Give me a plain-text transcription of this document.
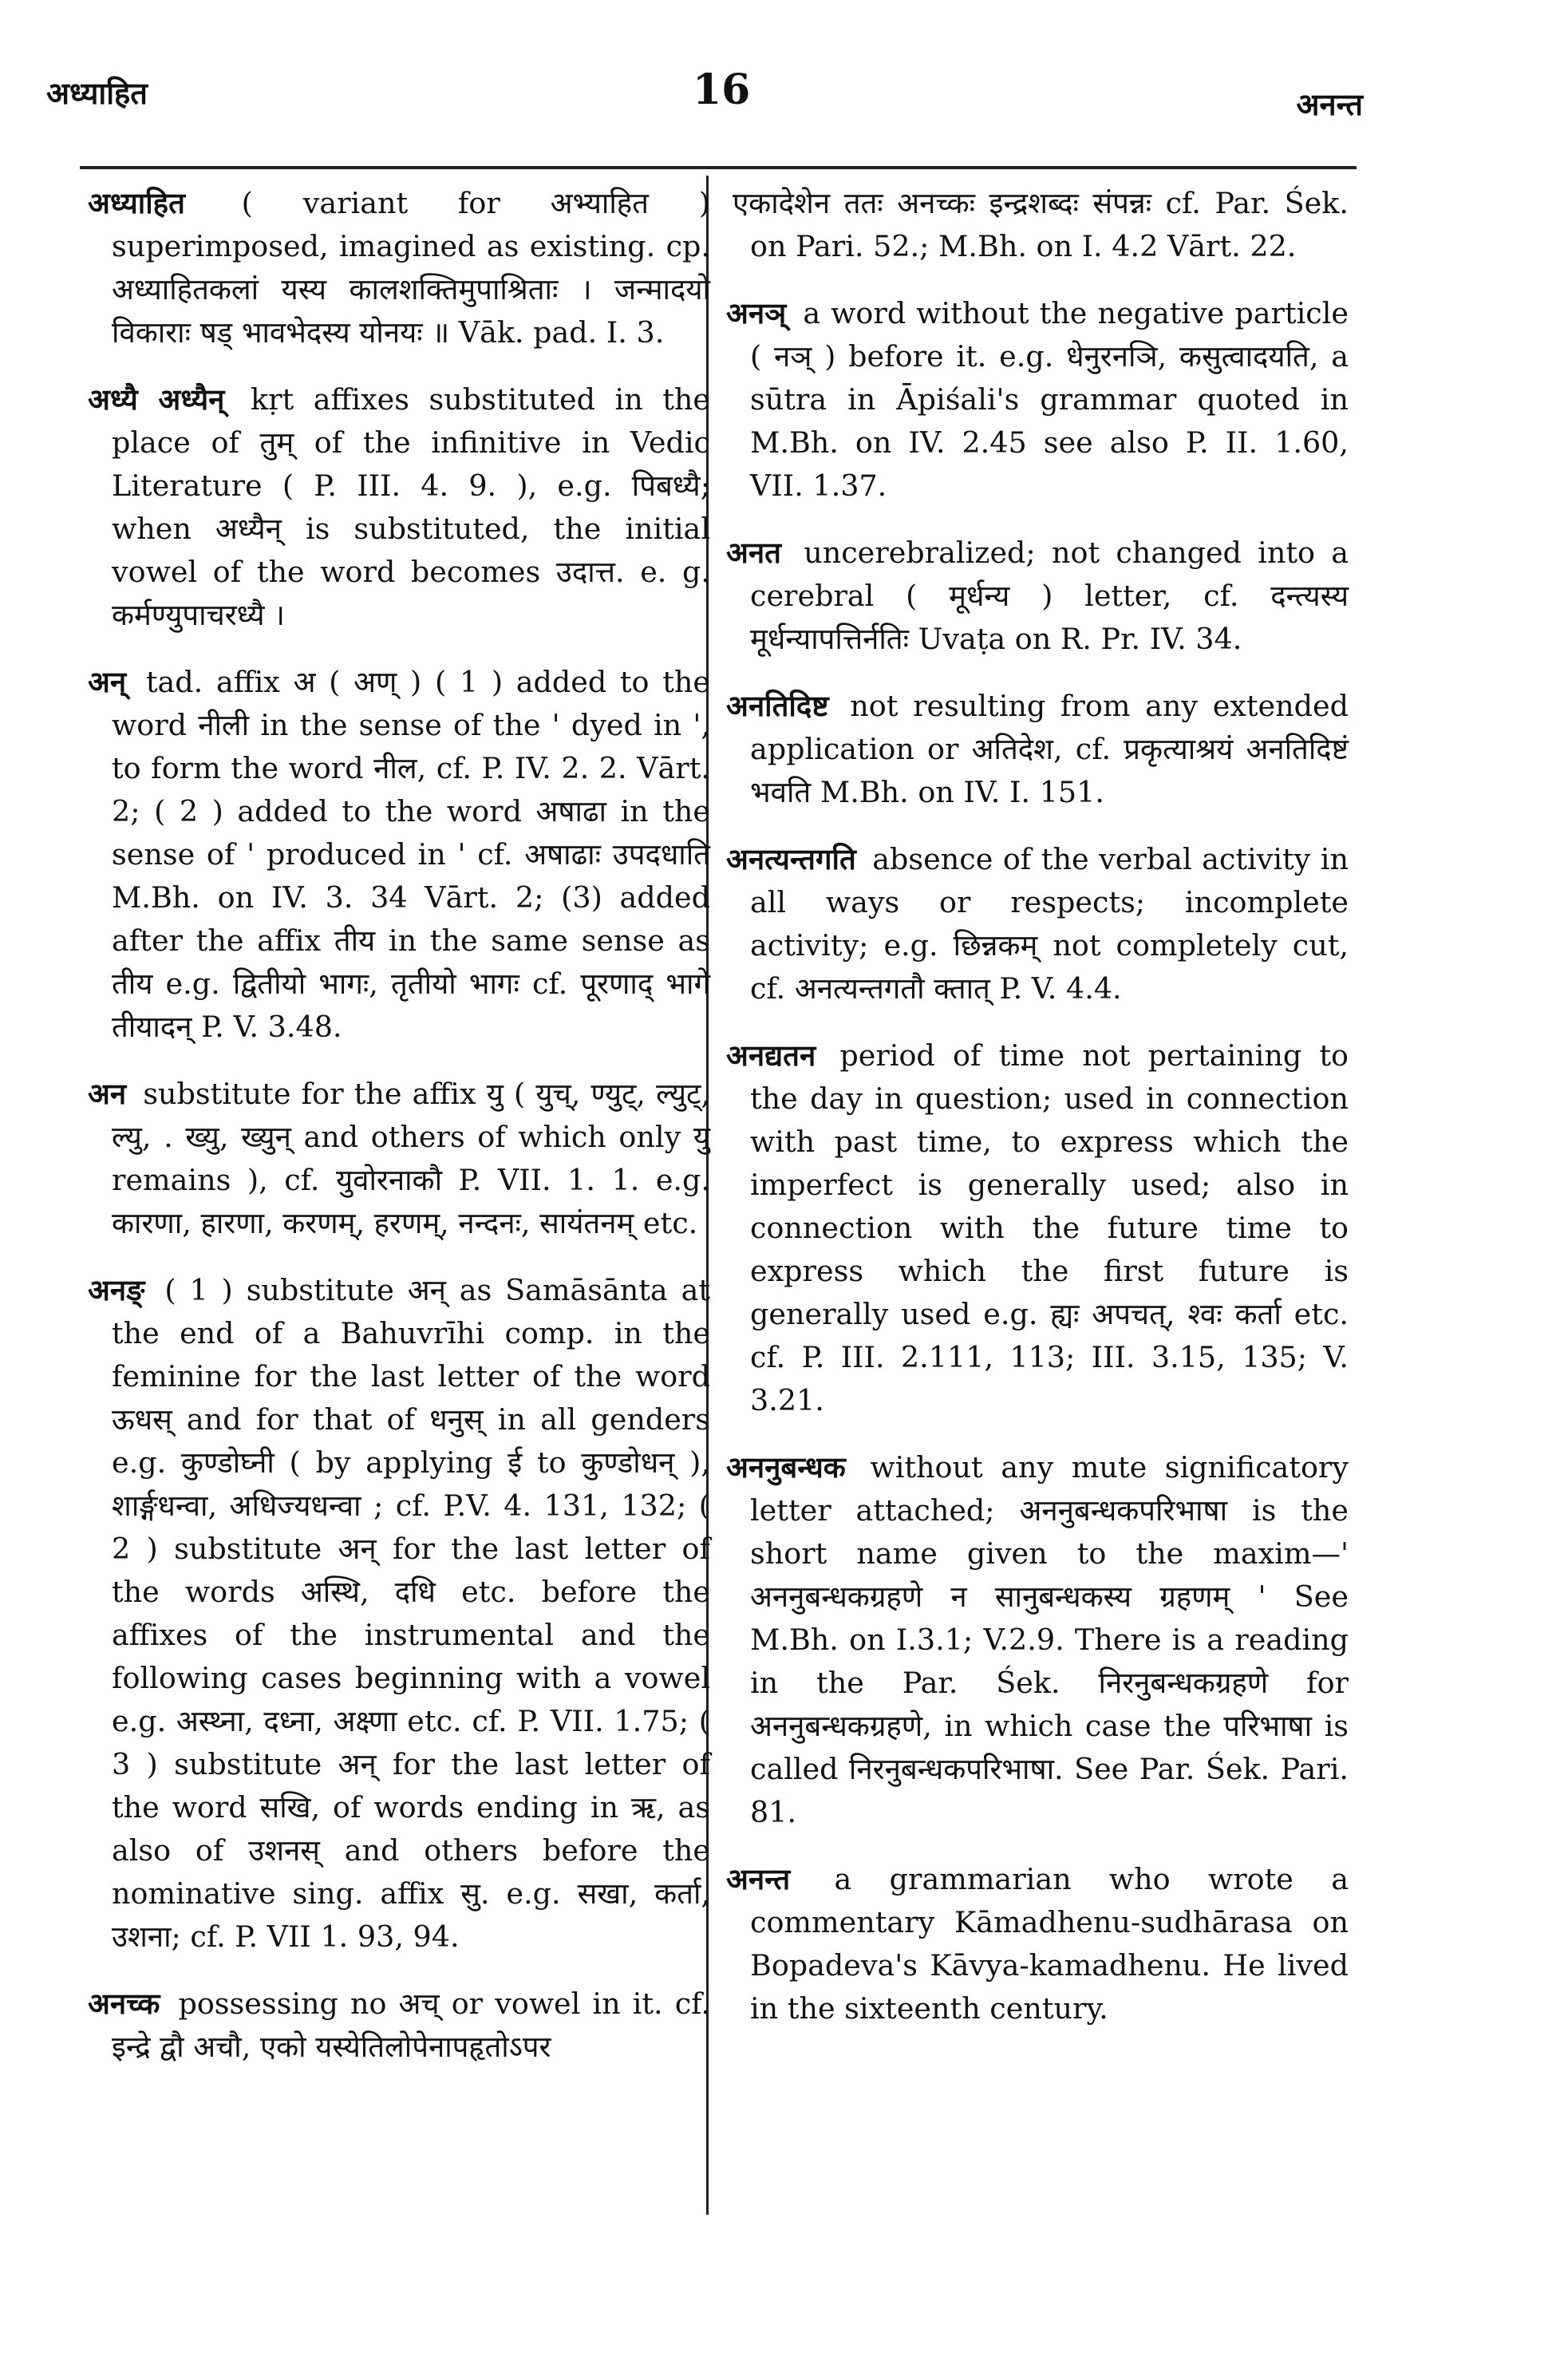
अध्याहित	16	अनन्त

अध्याहित ( variant for अभ्याहित ) superimposed, imagined as existing. cp. अध्याहितकलां यस्य कालशक्तिमुपाश्रिताः । जन्मादयो विकाराः षड् भावभेदस्य योनयः ॥ Vāk. pad. I. 3.

अध्यै अध्यैन् kṛt affixes substituted in the place of तुम् of the infinitive in Vedic Literature ( P. III. 4. 9. ), e.g. पिबध्यै; when अध्यैन् is substituted, the initial vowel of the word becomes उदात्त. e. g. कर्मण्युपाचरध्यै ।

अन् tad. affix अ ( अण् ) ( 1 ) added to the word नीली in the sense of the ' dyed in ', to form the word नील, cf. P. IV. 2. 2. Vārt. 2; ( 2 ) added to the word अषाढा in the sense of ' produced in ' cf. अषाढाः उपदधाति M.Bh. on IV. 3. 34 Vārt. 2; (3) added after the affix तीय in the same sense as तीय e.g. द्वितीयो भागः, तृतीयो भागः cf. पूरणाद् भागे तीयादन् P. V. 3.48.

अन substitute for the affix यु ( युच्, ण्युट्, ल्युट्, ल्यु, . ख्यु, ख्युन् and others of which only यु remains ), cf. युवोरनाकौ P. VII. 1. 1. e.g. कारणा, हारणा, करणम्, हरणम्, नन्दनः, सायंतनम् etc.

अनङ् ( 1 ) substitute अन् as Samāsānta at the end of a Bahuvrīhi comp. in the feminine for the last letter of the word ऊधस् and for that of धनुस् in all genders e.g. कुण्डोघ्नी ( by applying ई to कुण्डोधन् ), शार्ङ्गधन्वा, अधिज्यधन्वा ; cf. P.V. 4. 131, 132; ( 2 ) substitute अन् for the last letter of the words अस्थि, दधि etc. before the affixes of the instrumental and the following cases beginning with a vowel e.g. अस्थ्ना, दध्ना, अक्ष्णा etc. cf. P. VII. 1.75; ( 3 ) substitute अन् for the last letter of the word सखि, of words ending in ऋ, as also of उशनस् and others before the nominative sing. affix सु. e.g. सखा, कर्ता, उशना; cf. P. VII 1. 93, 94.

अनच्क possessing no अच् or vowel in it. cf. इन्द्रे द्वौ अचौ, एको यस्येतिलोपेनापहृतोऽपर

एकादेशेन ततः अनच्कः इन्द्रशब्दः संपन्नः cf. Par. Śek. on Pari. 52.; M.Bh. on I. 4.2 Vārt. 22.

अनञ् a word without the negative particle ( नञ् ) before it. e.g. धेनुरनञि, कसुत्वादयति, a sūtra in Āpiśali's grammar quoted in M.Bh. on IV. 2.45 see also P. II. 1.60, VII. 1.37.

अनत uncerebralized; not changed into a cerebral ( मूर्धन्य ) letter, cf. दन्त्यस्य मूर्धन्यापत्तिर्नतिः Uvaṭa on R. Pr. IV. 34.

अनतिदिष्ट not resulting from any extended application or अतिदेश, cf. प्रकृत्याश्रयं अनतिदिष्टं भवति M.Bh. on IV. I. 151.

अनत्यन्तगति absence of the verbal activity in all ways or respects; incomplete activity; e.g. छिन्नकम् not completely cut, cf. अनत्यन्तगतौ क्तात् P. V. 4.4.

अनद्यतन period of time not pertaining to the day in question; used in connection with past time, to express which the imperfect is generally used; also in connection with the future time to express which the first future is generally used e.g. ह्यः अपचत्, श्वः कर्ता etc. cf. P. III. 2.111, 113; III. 3.15, 135; V. 3.21.

अननुबन्धक without any mute significatory letter attached; अननुबन्धकपरिभाषा is the short name given to the maxim—' अननुबन्धकग्रहणे न सानुबन्धकस्य ग्रहणम् ' See M.Bh. on I.3.1; V.2.9. There is a reading in the Par. Śek. निरनुबन्धकग्रहणे for अननुबन्धकग्रहणे, in which case the परिभाषा is called निरनुबन्धकपरिभाषा. See Par. Śek. Pari. 81.

अनन्त a grammarian who wrote a commentary Kāmadhenu-sudhārasa on Bopadeva's Kāvya-kamadhenu. He lived in the sixteenth century.
